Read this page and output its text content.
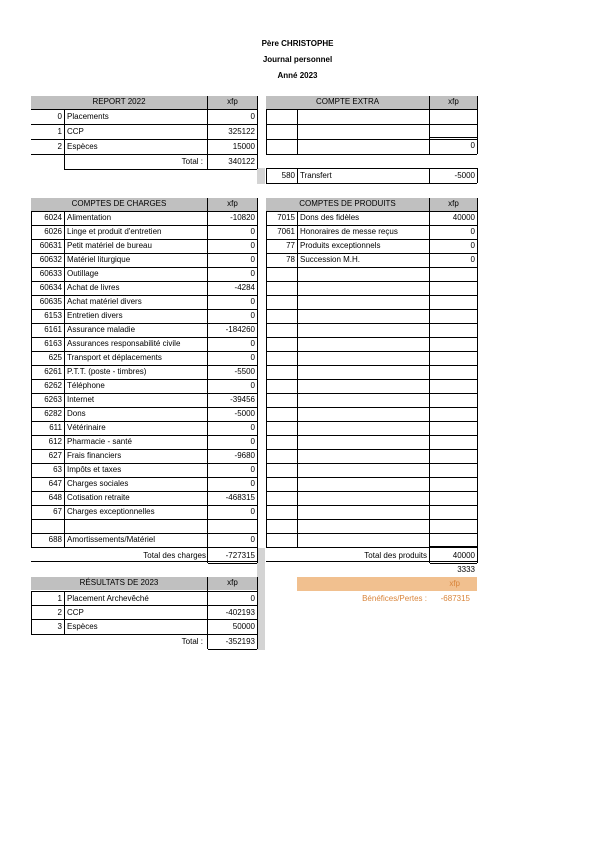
Père CHRISTOPHE
Journal personnel
Anné 2023
REPORT 2022	xfp
0 Placements	0
1 CCP	325122
2 Espèces	15000
Total :	340122
COMPTE EXTRA	xfp
0
580 Transfert	-5000
COMPTES DE CHARGES	xfp
6024 Alimentation	-10820
6026 Linge et produit d'entretien	0
60631 Petit matériel de bureau	0
60632 Matériel liturgique	0
60633 Outillage	0
60634 Achat de livres	-4284
60635 Achat matériel divers	0
6153 Entretien divers	0
6161 Assurance maladie	-184260
6163 Assurances responsabilité civile	0
625 Transport et déplacements	0
6261 P.T.T. (poste - timbres)	-5500
6262 Téléphone	0
6263 Internet	-39456
6282 Dons	-5000
611 Vétérinaire	0
612 Pharmacie - santé	0
627 Frais financiers	-9680
63 Impôts et taxes	0
647 Charges sociales	0
648 Cotisation retraite	-468315
67 Charges exceptionnelles	0
688 Amortissements/Matériel	0
Total des charges	-727315
COMPTES DE PRODUITS	xfp
7015 Dons des fidèles	40000
7061 Honoraires de messe reçus	0
77 Produits exceptionnels	0
78 Succession M.H.	0
Total des produits	40000
3333
xfp
Bénéfices/Pertes :	-687315
RÉSULTATS DE 2023	xfp
1 Placement Archevêché	0
2 CCP	-402193
3 Espèces	50000
Total :	-352193
